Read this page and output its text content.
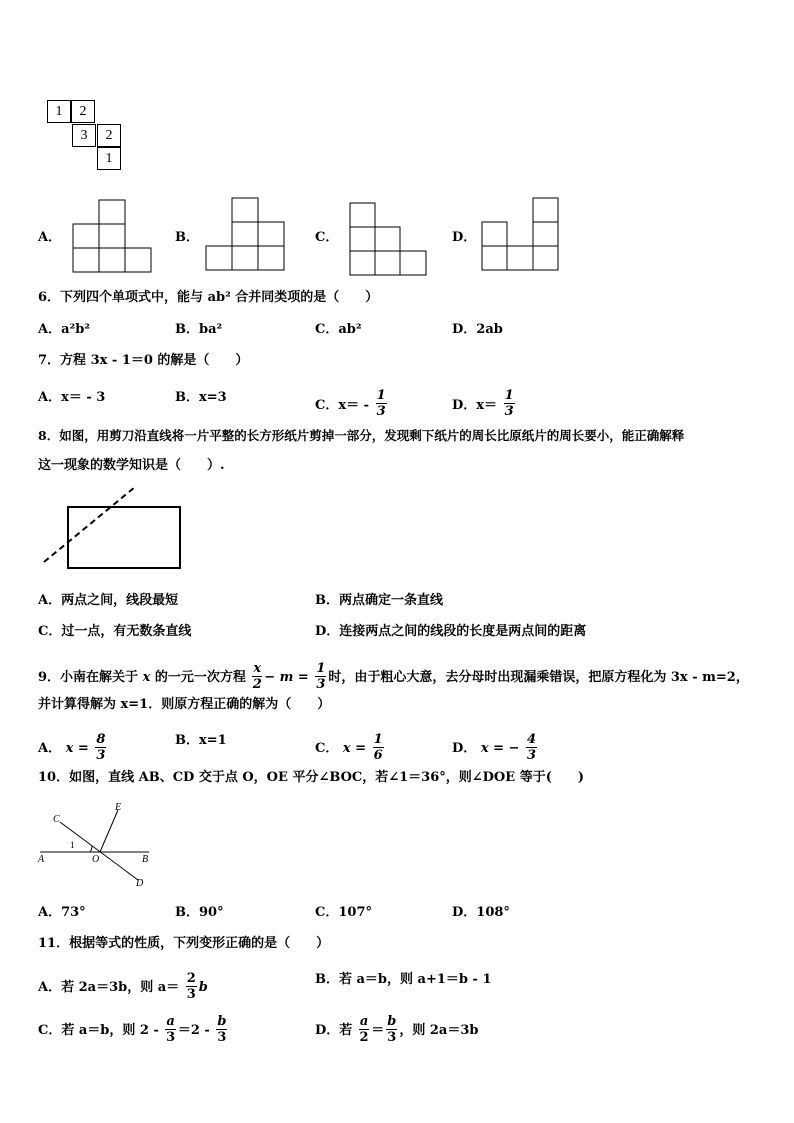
1	2
3	2
1
A．	B．	C．	D．
6．下列四个单项式中，能与 ab² 合并同类项的是（　　）
A．a²b²	B．ba²	C．ab²	D．2ab
7．方程 3x - 1＝0 的解是（　　）
A．x＝ - 3	B．x=3
C．$x= - \frac{1}{3}$	D．$x= \frac{1}{3}$
8．如图，用剪刀沿直线将一片平整的长方形纸片剪掉一部分，发现剩下纸片的周长比原纸片的周长要小，能正确解释
这一现象的数学知识是（　　）.
A．两点之间，线段最短	B．两点确定一条直线
C．过一点，有无数条直线	D．连接两点之间的线段的长度是两点间的距离
9．小南在解关于 x 的一元一次方程 $\frac{x}{2} - m = \frac{1}{3}$ 时，由于粗心大意，去分母时出现漏乘错误，把原方程化为 3x - m=2，
并计算得解为 x=1．则原方程正确的解为（　　）
A． $x = \frac{8}{3}$	B．x=1
C． $x = \frac{1}{6}$	D． x = − $\frac{4}{3}$
10．如图，直线 AB、CD 交于点 O，OE 平分∠BOC，若∠1＝36°，则∠DOE 等于(　　)
A	B
C
D
E
O
1
A．73°	B．90°	C．107°	D．108°
11．根据等式的性质，下列变形正确的是（　　）
A．若 2a＝3b，则 $a= \frac{2}{3}$ b
B．若 a＝b，则 a+1＝b - 1
C．若 a＝b，则 $2 - \frac{a}{3} =2 - \frac{b}{3}$	D．若 $\frac{a}{2} = \frac{b}{3}$ ，则 2a＝3b
